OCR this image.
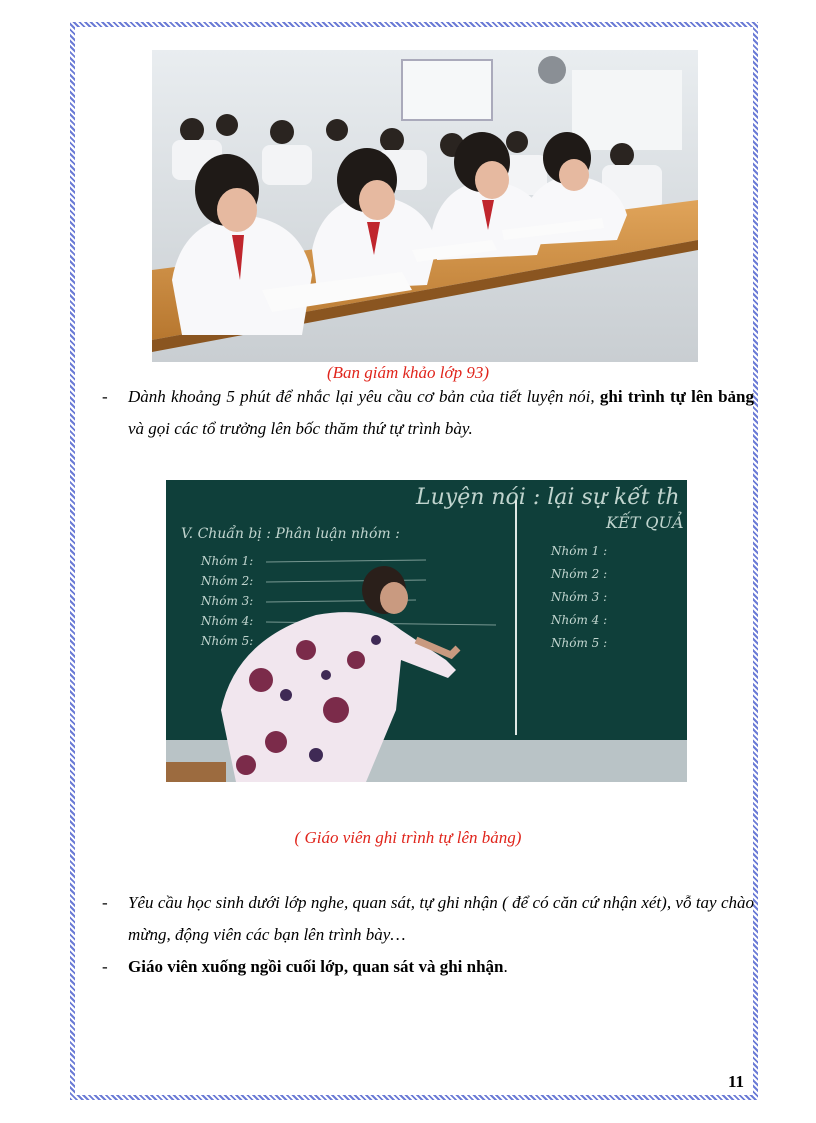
(Ban giám khảo lớp 93)
- Dành khoảng 5 phút để nhắc lại yêu cầu cơ bản của tiết luyện nói, ghi trình tự lên bảng và gọi các tổ trưởng lên bốc thăm thứ tự trình bày.
Luyện nói : lại sự kết th
V. Chuẩn bị : Phân luận nhóm :
KẾT QUẢ
Nhóm 1:
Nhóm 2:
Nhóm 3:
Nhóm 4:
Nhóm 5:
Nhóm 1 :
Nhóm 2 :
Nhóm 3 :
Nhóm 4 :
Nhóm 5 :
( Giáo viên ghi trình tự lên bảng)
- Yêu cầu học sinh dưới lớp nghe, quan sát, tự ghi nhận ( để có căn cứ nhận xét), vỗ tay chào mừng, động viên các bạn lên trình bày…
- Giáo viên xuống ngồi cuối lớp, quan sát và ghi nhận.
11
